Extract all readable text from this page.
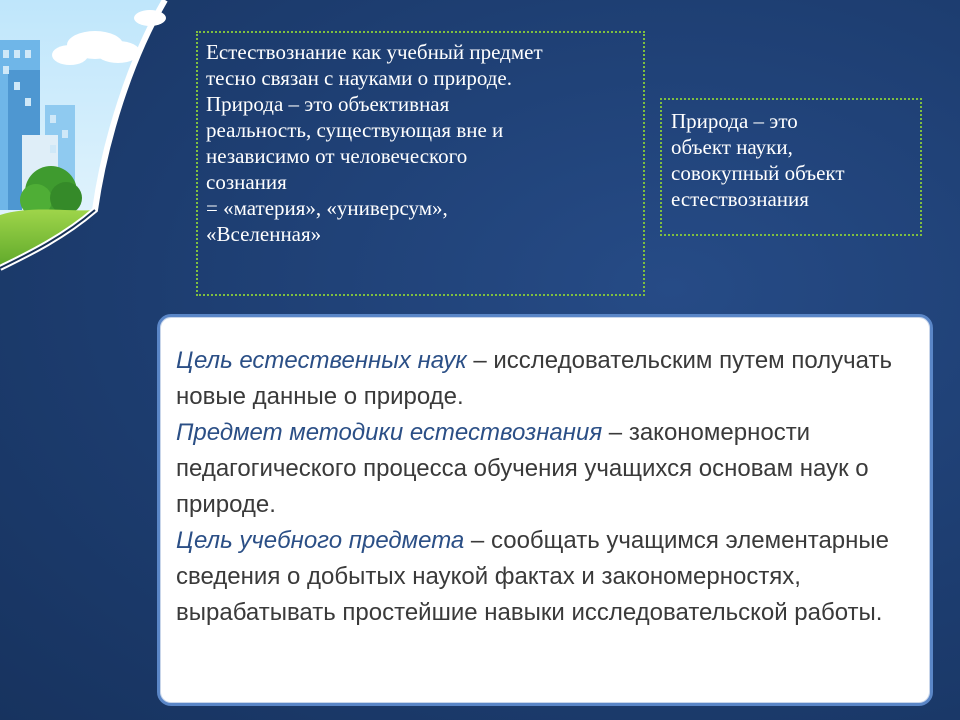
Естествознание как учебный предмет

тесно связан с науками о природе.

Природа – это объективная

реальность, существующая вне и

независимо от человеческого

сознания

= «материя», «универсум»,

«Вселенная»

Природа – это

объект науки,

совокупный объект

естествознания

Цель естественных наук – исследовательским путем получать новые данные о природе.

Предмет методики естествознания – закономерности педагогического процесса обучения учащихся основам наук о природе.

Цель учебного предмета – сообщать учащимся элементарные сведения о добытых наукой фактах и закономерностях, вырабатывать простейшие навыки исследовательской работы.
